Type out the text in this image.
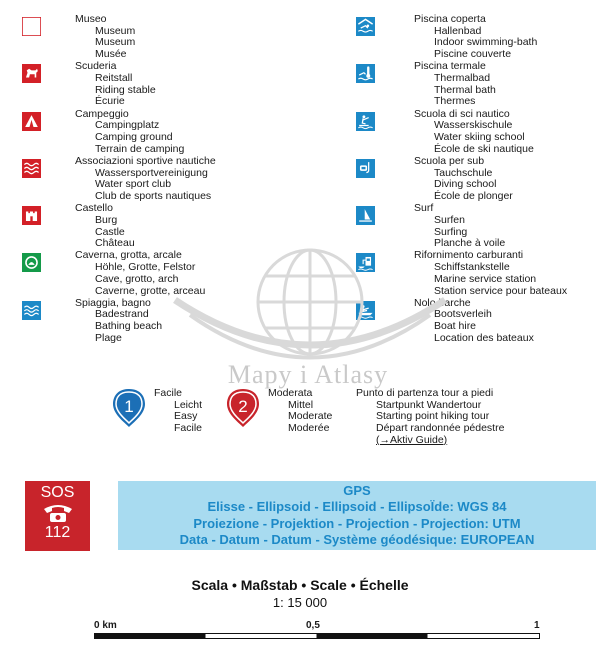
Museo
Museum
Museum
Musée
Scuderia
Reitstall
Riding stable
Écurie
Campeggio
Campingplatz
Camping ground
Terrain de camping
Associazioni sportive nautiche
Wassersportvereinigung
Water sport club
Club de sports nautiques
Castello
Burg
Castle
Château
Caverna, grotta, arcale
Höhle, Grotte, Felstor
Cave, grotto, arch
Caverne, grotte, arceau
Spiaggia, bagno
Badestrand
Bathing beach
Plage
Piscina coperta
Hallenbad
Indoor swimming-bath
Piscine couverte
Piscina termale
Thermalbad
Thermal bath
Thermes
Scuola di sci nautico
Wasserskischule
Water skiing school
École de ski nautique
Scuola per sub
Tauchschule
Diving school
École de plonger
Surf
Surfen
Surfing
Planche à voile
Rifornimento carburanti
Schiffstankstelle
Marine service station
Station service pour bateaux
Nolo barche
Bootsverleih
Boat hire
Location des bateaux
Mapy i Atlasy
1
Facile
Leicht
Easy
Facile
2
Moderata
Mittel
Moderate
Moderée
Punto di partenza tour a piedi
Startpunkt Wandertour
Starting point hiking tour
Départ randonnée pédestre
(→Aktiv Guide)
SOS
112
GPS
Elisse - Ellipsoid - Ellipsoid - EllipsoÏde: WGS 84
Proiezione - Projektion - Projection - Projection: UTM
Data - Datum - Datum - Système géodésique: EUROPEAN
Scala • Maßstab • Scale • Échelle
1: 15 000
0 km	0,5	1
